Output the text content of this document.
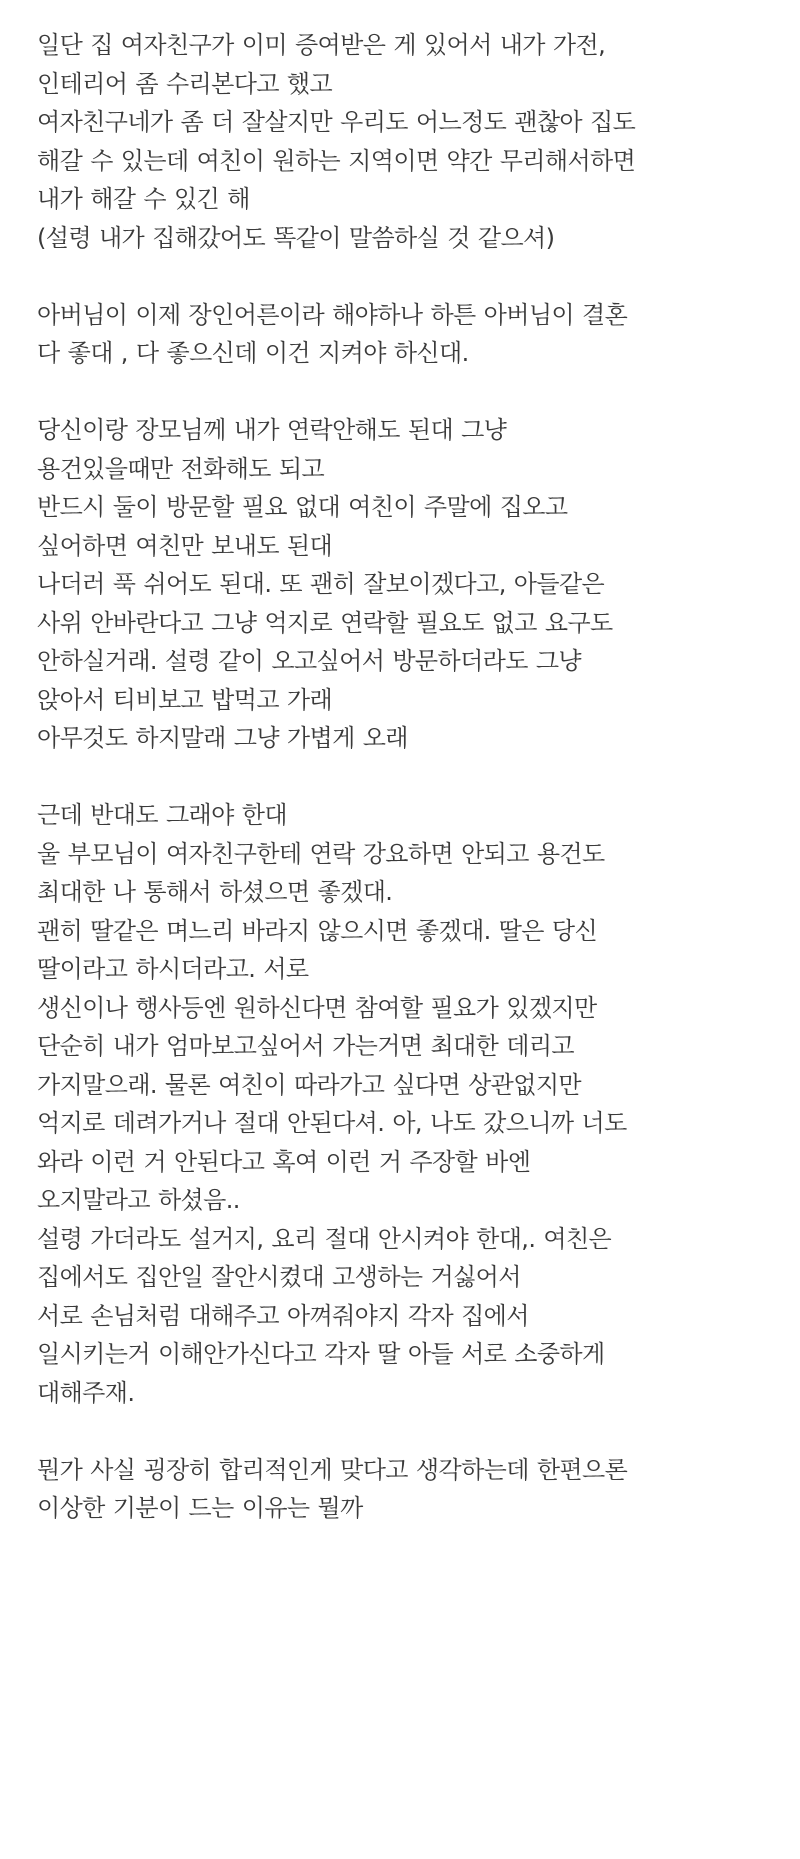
일단 집 여자친구가 이미 증여받은 게 있어서 내가 가전,
인테리어 좀 수리본다고 했고
여자친구네가 좀 더 잘살지만 우리도 어느정도 괜찮아 집도
해갈 수 있는데 여친이 원하는 지역이면 약간 무리해서하면
내가 해갈 수 있긴 해
(설령 내가 집해갔어도 똑같이 말씀하실 것 같으셔)
아버님이 이제 장인어른이라 해야하나 하튼 아버님이 결혼
다 좋대 , 다 좋으신데 이건 지켜야 하신대.
당신이랑 장모님께 내가 연락안해도 된대 그냥
용건있을때만 전화해도 되고
반드시 둘이 방문할 필요 없대 여친이 주말에 집오고
싶어하면 여친만 보내도 된대
나더러 푹 쉬어도 된대. 또 괜히 잘보이겠다고, 아들같은
사위 안바란다고 그냥 억지로 연락할 필요도 없고 요구도
안하실거래. 설령 같이 오고싶어서 방문하더라도 그냥
앉아서 티비보고 밥먹고 가래
아무것도 하지말래 그냥 가볍게 오래
근데 반대도 그래야 한대
울 부모님이 여자친구한테 연락 강요하면 안되고 용건도
최대한 나 통해서 하셨으면 좋겠대.
괜히 딸같은 며느리 바라지 않으시면 좋겠대. 딸은 당신
딸이라고 하시더라고. 서로
생신이나 행사등엔 원하신다면 참여할 필요가 있겠지만
단순히 내가 엄마보고싶어서 가는거면 최대한 데리고
가지말으래. 물론 여친이 따라가고 싶다면 상관없지만
억지로 데려가거나 절대 안된다셔. 아, 나도 갔으니까 너도
와라 이런 거 안된다고 혹여 이런 거 주장할 바엔
오지말라고 하셨음..
설령 가더라도 설거지, 요리 절대 안시켜야 한대,. 여친은
집에서도 집안일 잘안시켰대 고생하는 거싫어서
서로 손님처럼 대해주고 아껴줘야지 각자 집에서
일시키는거 이해안가신다고 각자 딸 아들 서로 소중하게
대해주재.
뭔가 사실 굉장히 합리적인게 맞다고 생각하는데 한편으론
이상한 기분이 드는 이유는 뭘까
